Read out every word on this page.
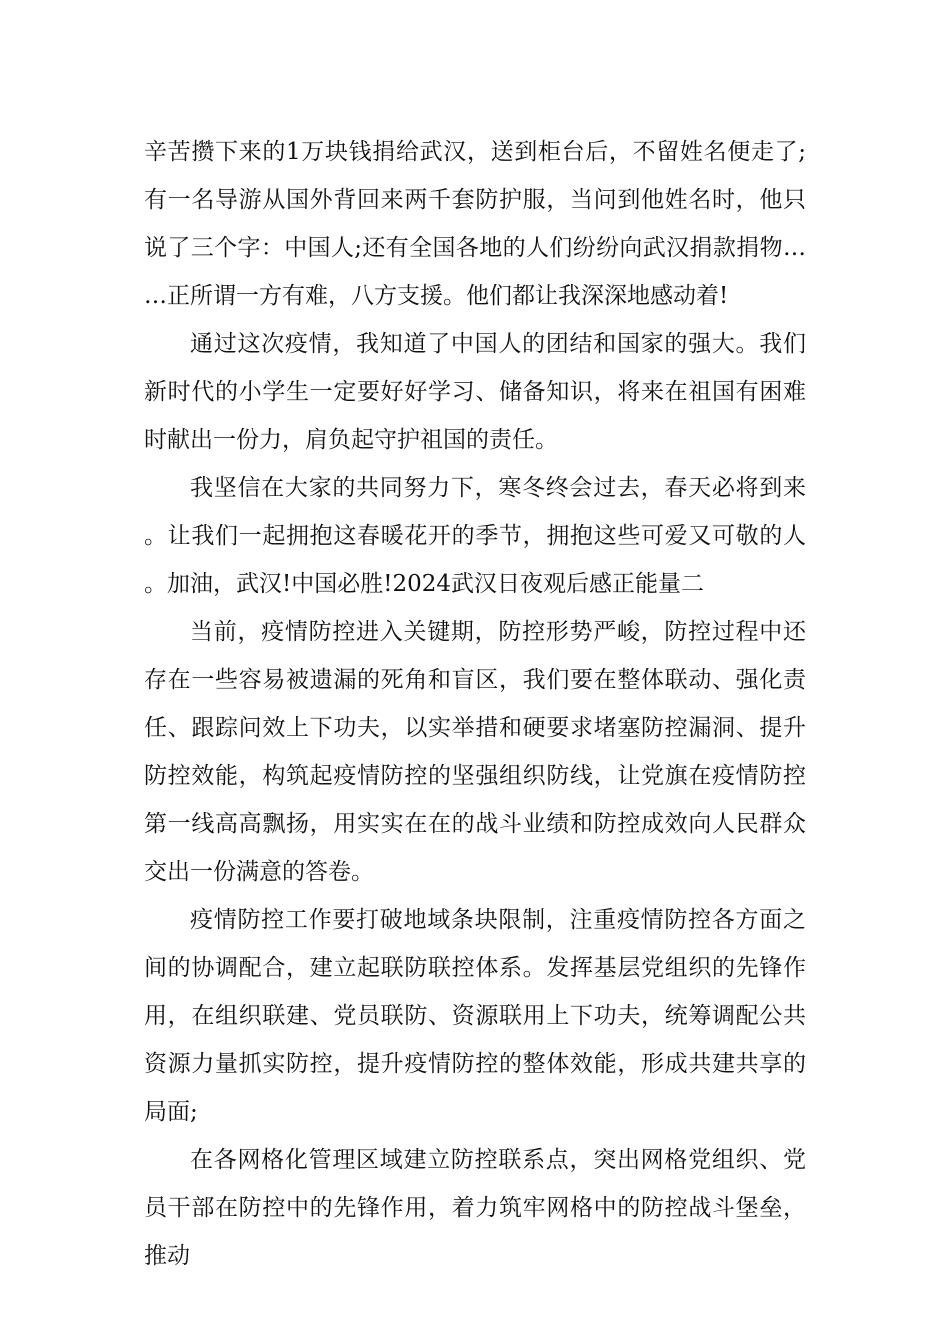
辛苦攒下来的1万块钱捐给武汉，送到柜台后，不留姓名便走了;有一名导游从国外背回来两千套防护服，当问到他姓名时，他只说了三个字：中国人;还有全国各地的人们纷纷向武汉捐款捐物……正所谓一方有难，八方支援。他们都让我深深地感动着!

通过这次疫情，我知道了中国人的团结和国家的强大。我们新时代的小学生一定要好好学习、储备知识，将来在祖国有困难时献出一份力，肩负起守护祖国的责任。

我坚信在大家的共同努力下，寒冬终会过去，春天必将到来。让我们一起拥抱这春暖花开的季节，拥抱这些可爱又可敬的人。加油，武汉!中国必胜!2024武汉日夜观后感正能量二

当前，疫情防控进入关键期，防控形势严峻，防控过程中还存在一些容易被遗漏的死角和盲区，我们要在整体联动、强化责任、跟踪问效上下功夫，以实举措和硬要求堵塞防控漏洞、提升防控效能，构筑起疫情防控的坚强组织防线，让党旗在疫情防控第一线高高飘扬，用实实在在的战斗业绩和防控成效向人民群众交出一份满意的答卷。

疫情防控工作要打破地域条块限制，注重疫情防控各方面之间的协调配合，建立起联防联控体系。发挥基层党组织的先锋作用，在组织联建、党员联防、资源联用上下功夫，统筹调配公共资源力量抓实防控，提升疫情防控的整体效能，形成共建共享的局面;

在各网格化管理区域建立防控联系点，突出网格党组织、党员干部在防控中的先锋作用，着力筑牢网格中的防控战斗堡垒，推动
